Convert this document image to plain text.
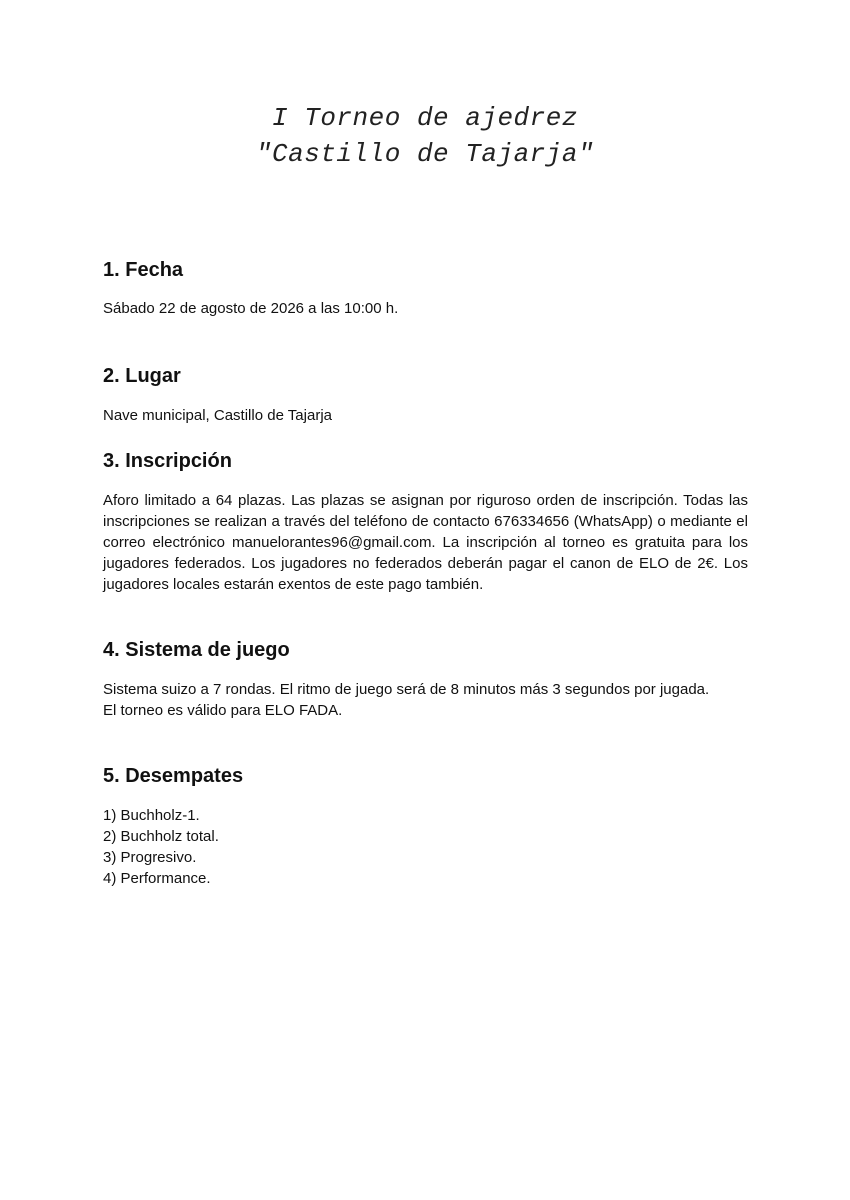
I Torneo de ajedrez
"Castillo de Tajarja"
1. Fecha

Sábado 22 de agosto de 2026 a las 10:00 h.

2. Lugar

Nave municipal, Castillo de Tajarja

3. Inscripción

Aforo limitado a 64 plazas. Las plazas se asignan por riguroso orden de inscripción. Todas las inscripciones se realizan a través del teléfono de contacto 676334656 (WhatsApp) o mediante el correo electrónico manuelorantes96@gmail.com. La inscripción al torneo es gratuita para los jugadores federados. Los jugadores no federados deberán pagar el canon de ELO de 2€. Los jugadores locales estarán exentos de este pago también.

4. Sistema de juego

Sistema suizo a 7 rondas. El ritmo de juego será de 8 minutos más 3 segundos por jugada.

El torneo es válido para ELO FADA.

5. Desempates
1) Buchholz-1.
2) Buchholz total.
3) Progresivo.
4) Performance.
